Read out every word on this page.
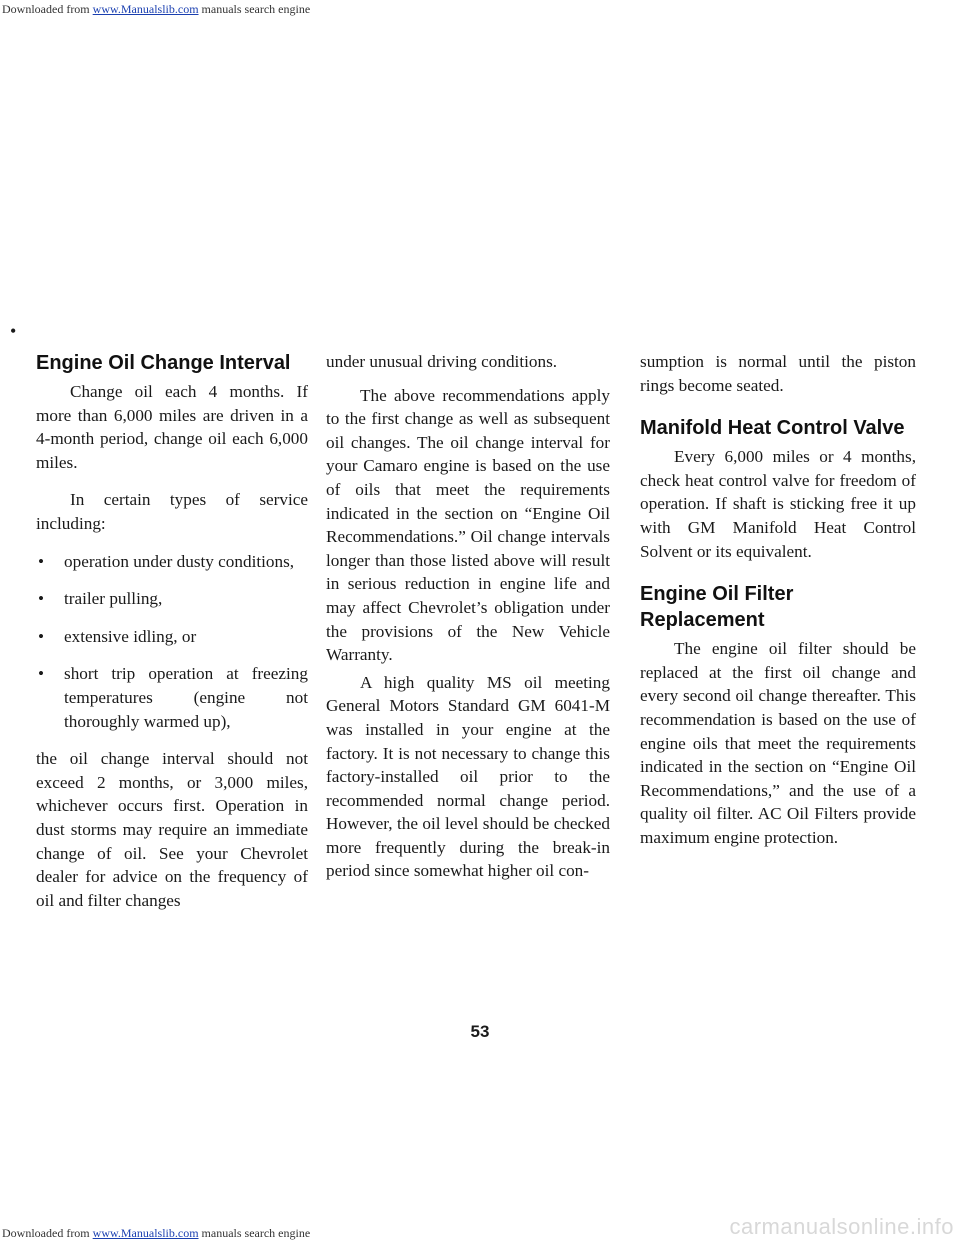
•
Engine Oil Change Interval

Change oil each 4 months. If more than 6,000 miles are driven in a 4-month period, change oil each 6,000 miles.

In certain types of service including:

• operation under dusty conditions,
• trailer pulling,
• extensive idling, or
• short trip operation at freezing temperatures (engine not thoroughly warmed up),

the oil change interval should not exceed 2 months, or 3,000 miles, whichever occurs first. Operation in dust storms may require an immediate change of oil. See your Chevrolet dealer for advice on the frequency of oil and filter changes

under unusual driving conditions.

The above recommendations apply to the first change as well as subsequent oil changes. The oil change interval for your Camaro engine is based on the use of oils that meet the requirements indicated in the section on “Engine Oil Recommendations.” Oil change intervals longer than those listed above will result in serious reduction in engine life and may affect Chevrolet’s obligation under the provisions of the New Vehicle Warranty.

A high quality MS oil meeting General Motors Standard GM 6041-M was installed in your engine at the factory. It is not necessary to change this factory-installed oil prior to the recommended normal change period. However, the oil level should be checked more frequently during the break-in period since somewhat higher oil con-

sumption is normal until the piston rings become seated.

Manifold Heat Control Valve

Every 6,000 miles or 4 months, check heat control valve for freedom of operation. If shaft is sticking free it up with GM Manifold Heat Control Solvent or its equivalent.

Engine Oil Filter Replacement

The engine oil filter should be replaced at the first oil change and every second oil change thereafter. This recommendation is based on the use of engine oils that meet the requirements indicated in the section on “Engine Oil Recommendations,” and the use of a quality oil filter. AC Oil Filters provide maximum engine protection.

53
Downloaded from www.Manualslib.com manuals search engine
Downloaded from www.Manualslib.com manuals search engine	carmanualsonline.info
